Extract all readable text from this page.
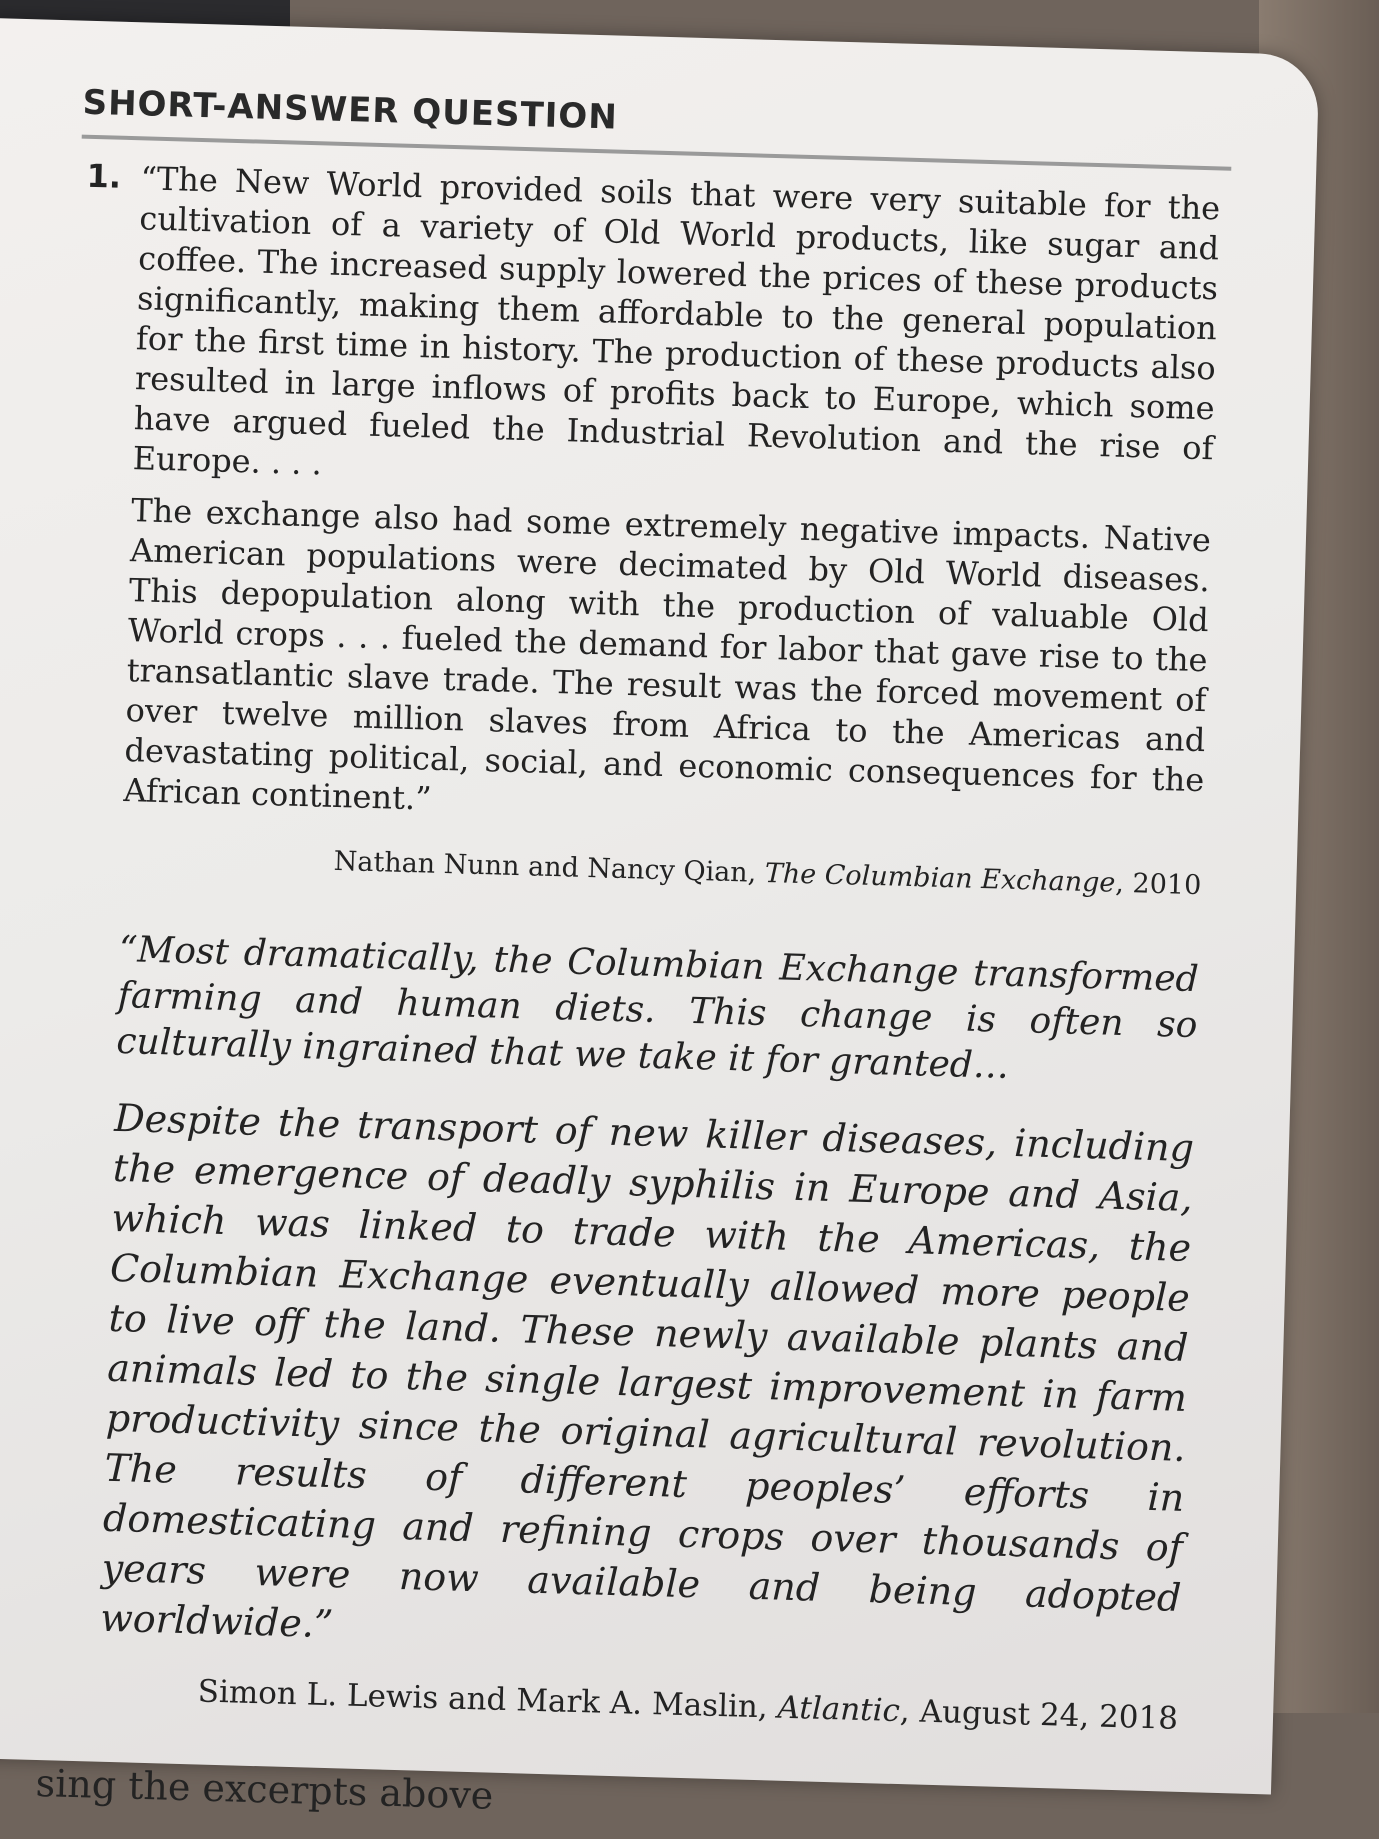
SHORT-ANSWER QUESTION
1. “The New World provided soils that were very suitable for the cultivation of a variety of Old World products, like sugar and coffee. The increased supply lowered the prices of these products significantly, making them affordable to the general population for the first time in history. The production of these products also resulted in large inflows of profits back to Europe, which some have argued fueled the Industrial Revolution and the rise of Europe. . . .

The exchange also had some extremely negative impacts. Native American populations were decimated by Old World diseases. This depopulation along with the production of valuable Old World crops . . . fueled the demand for labor that gave rise to the transatlantic slave trade. The result was the forced movement of over twelve million slaves from Africa to the Americas and devastating political, social, and economic consequences for the African continent.”

Nathan Nunn and Nancy Qian, The Columbian Exchange, 2010

“Most dramatically, the Columbian Exchange transformed farming and human diets. This change is often so culturally ingrained that we take it for granted…

Despite the transport of new killer diseases, including the emergence of deadly syphilis in Europe and Asia, which was linked to trade with the Americas, the Columbian Exchange eventually allowed more people to live off the land. These newly available plants and animals led to the single largest improvement in farm productivity since the original agricultural revolution. The results of different peoples’ efforts in domesticating and refining crops over thousands of years were now available and being adopted worldwide.”

Simon L. Lewis and Mark A. Maslin, Atlantic, August 24, 2018
sing the excerpts above
